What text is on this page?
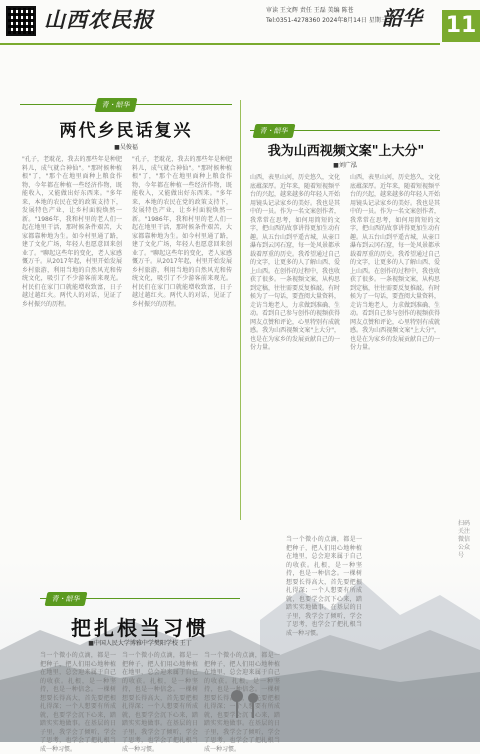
山西农民报	审读 王文辉 责任 王磊 美编 陈苍
Tel:0351-4278360 2024年8月14日 星期三
韶华 11
青・韶华
两代乡民话复兴
■吴俊福
"孔子，老耽花，我去的那些年是种肥料儿，成气就合神仙"。"那时候种植根"了，"那个在地里面种上粮食作物，今年都在种植一些经济作物，既能收入，又能做出好东西来。"多年来，本地的农民在党的政策支持下，发展特色产业，让乡村面貌焕然一新。"1986年，我和村里的老人们一起在地里干活，那时候条件艰苦，大家都靠种地为生。如今村里通了路，建了文化广场，年轻人也愿意回来创业了。"聊起这些年的变化，老人家感慨万千。从2017年起，村里开始发展乡村旅游，利用当地的自然风光和传统文化，吸引了不少游客前来观光。村民们在家门口就能增收致富，日子越过越红火。两代人的对话，见证了乡村振兴的历程。
"孔子，老耽花，我去的那些年是种肥料儿，成气就合神仙"。"那时候种植根"了，"那个在地里面种上粮食作物，今年都在种植一些经济作物，既能收入，又能做出好东西来。"多年来，本地的农民在党的政策支持下，发展特色产业，让乡村面貌焕然一新。"1986年，我和村里的老人们一起在地里干活，那时候条件艰苦，大家都靠种地为生。如今村里通了路，建了文化广场，年轻人也愿意回来创业了。"聊起这些年的变化，老人家感慨万千。从2017年起，村里开始发展乡村旅游，利用当地的自然风光和传统文化，吸引了不少游客前来观光。村民们在家门口就能增收致富，日子越过越红火。两代人的对话，见证了乡村振兴的历程。
青・韶华
我为山西视频文案"上大分"
■刘广泓
山西，表里山河，历史悠久，文化底蕴深厚。近年来，随着短视频平台的兴起，越来越多的年轻人开始用镜头记录家乡的美好。我也是其中的一员。作为一名文案创作者，我常常在思考，如何用简短的文字，把山西的故事讲得更加生动有趣。从五台山到平遥古城，从壶口瀑布到云冈石窟，每一处风景都承载着厚重的历史。我希望通过自己的文字，让更多的人了解山西、爱上山西。在创作的过程中，我也收获了很多。一条视频文案，从构思到定稿，往往需要反复推敲。有时候为了一句话，要查阅大量资料，走访当地老人，力求做到准确、生动。看到自己参与创作的视频获得网友点赞和评论，心里特别有成就感。我为山西视频文案"上大分"，也是在为家乡的发展贡献自己的一份力量。
山西，表里山河，历史悠久，文化底蕴深厚。近年来，随着短视频平台的兴起，越来越多的年轻人开始用镜头记录家乡的美好。我也是其中的一员。作为一名文案创作者，我常常在思考，如何用简短的文字，把山西的故事讲得更加生动有趣。从五台山到平遥古城，从壶口瀑布到云冈石窟，每一处风景都承载着厚重的历史。我希望通过自己的文字，让更多的人了解山西、爱上山西。在创作的过程中，我也收获了很多。一条视频文案，从构思到定稿，往往需要反复推敲。有时候为了一句话，要查阅大量资料，走访当地老人，力求做到准确、生动。看到自己参与创作的视频获得网友点赞和评论，心里特别有成就感。我为山西视频文案"上大分"，也是在为家乡的发展贡献自己的一份力量。
青・韶华
把扎根当习惯
■中国人民大学博雅中学樊阳学校 王丁
当一个微小的点滴，都是一把种子，把人们用心地种植在地里，总会迎来属于自己的收获。扎根，是一种坚持，也是一种信念。一棵树想要长得高大，首先要把根扎得深；一个人想要有所成就，也要学会沉下心来，踏踏实实地做事。在基层的日子里，我学会了倾听，学会了思考，也学会了把扎根当成一种习惯。
当一个微小的点滴，都是一把种子，把人们用心地种植在地里，总会迎来属于自己的收获。扎根，是一种坚持，也是一种信念。一棵树想要长得高大，首先要把根扎得深；一个人想要有所成就，也要学会沉下心来，踏踏实实地做事。在基层的日子里，我学会了倾听，学会了思考，也学会了把扎根当成一种习惯。
当一个微小的点滴，都是一把种子，把人们用心地种植在地里，总会迎来属于自己的收获。扎根，是一种坚持，也是一种信念。一棵树想要长得高大，首先要把根扎得深；一个人想要有所成就，也要学会沉下心来，踏踏实实地做事。在基层的日子里，我学会了倾听，学会了思考，也学会了把扎根当成一种习惯。
当一个微小的点滴，都是一把种子，把人们用心地种植在地里，总会迎来属于自己的收获。扎根，是一种坚持，也是一种信念。一棵树想要长得高大，首先要把根扎得深；一个人想要有所成就，也要学会沉下心来，踏踏实实地做事。在基层的日子里，我学会了倾听，学会了思考，也学会了把扎根当成一种习惯。
扫码关注微信公众号
